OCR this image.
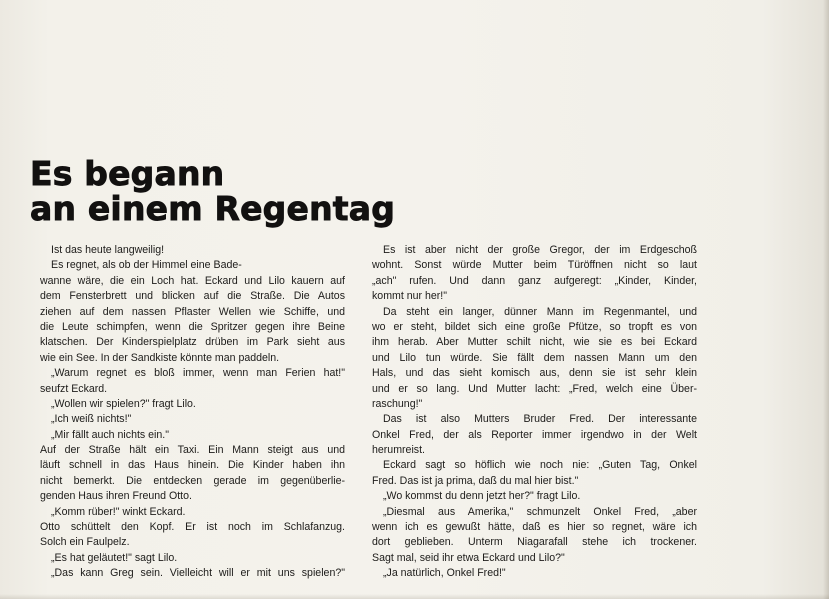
Es begann
an einem Regentag
Ist das heute langweilig!
Es regnet, als ob der Himmel eine Bade-
wanne wäre, die ein Loch hat. Eckard und Lilo kauern auf
dem Fensterbrett und blicken auf die Straße. Die Autos
ziehen auf dem nassen Pflaster Wellen wie Schiffe, und
die Leute schimpfen, wenn die Spritzer gegen ihre Beine
klatschen. Der Kinderspielplatz drüben im Park sieht aus
wie ein See. In der Sandkiste könnte man paddeln.
„Warum regnet es bloß immer, wenn man Ferien hat!"
seufzt Eckard.
„Wollen wir spielen?" fragt Lilo.
„Ich weiß nichts!"
„Mir fällt auch nichts ein."
Auf der Straße hält ein Taxi. Ein Mann steigt aus und
läuft schnell in das Haus hinein. Die Kinder haben ihn
nicht bemerkt. Die entdecken gerade im gegenüberlie-
genden Haus ihren Freund Otto.
„Komm rüber!" winkt Eckard.
Otto schüttelt den Kopf. Er ist noch im Schlafanzug.
Solch ein Faulpelz.
„Es hat geläutet!" sagt Lilo.
„Das kann Greg sein. Vielleicht will er mit uns spielen?"
Es ist aber nicht der große Gregor, der im Erdgeschoß
wohnt. Sonst würde Mutter beim Türöffnen nicht so laut
„ach" rufen. Und dann ganz aufgeregt: „Kinder, Kinder,
kommt nur her!"
Da steht ein langer, dünner Mann im Regenmantel, und
wo er steht, bildet sich eine große Pfütze, so tropft es von
ihm herab. Aber Mutter schilt nicht, wie sie es bei Eckard
und Lilo tun würde. Sie fällt dem nassen Mann um den
Hals, und das sieht komisch aus, denn sie ist sehr klein
und er so lang. Und Mutter lacht: „Fred, welch eine Über-
raschung!"
Das ist also Mutters Bruder Fred. Der interessante
Onkel Fred, der als Reporter immer irgendwo in der Welt
herumreist.
Eckard sagt so höflich wie noch nie: „Guten Tag, Onkel
Fred. Das ist ja prima, daß du mal hier bist."
„Wo kommst du denn jetzt her?" fragt Lilo.
„Diesmal aus Amerika," schmunzelt Onkel Fred, „aber
wenn ich es gewußt hätte, daß es hier so regnet, wäre ich
dort geblieben. Unterm Niagarafall stehe ich trockener.
Sagt mal, seid ihr etwa Eckard und Lilo?"
„Ja natürlich, Onkel Fred!"
